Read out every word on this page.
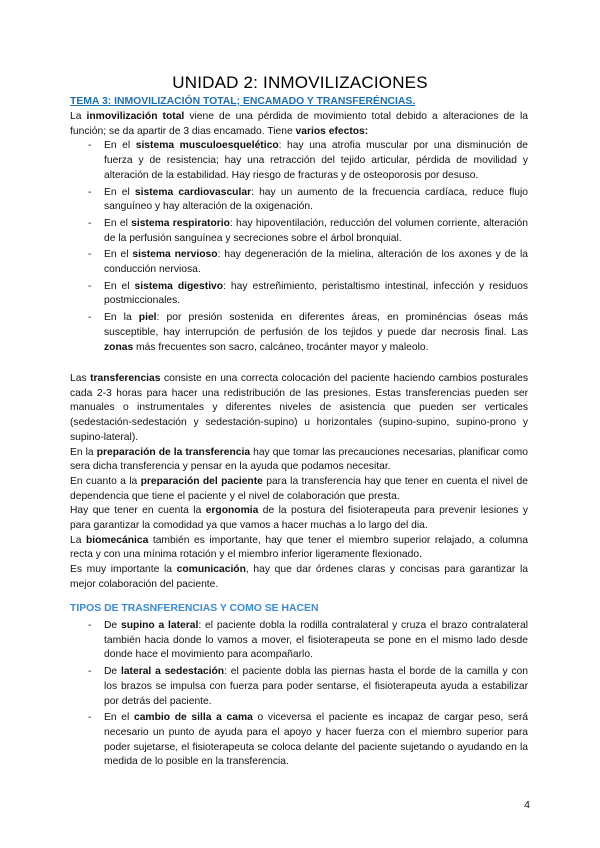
UNIDAD 2: INMOVILIZACIONES

TEMA 3: INMOVILIZACIÓN TOTAL; ENCAMADO Y TRANSFERÉNCIAS.

La inmovilización total viene de una pérdida de movimiento total debido a alteraciones de la función; se da apartir de 3 dias encamado. Tiene varios efectos:

- En el sistema musculoesquelético: hay una atrofia muscular por una disminución de fuerza y de resistencia; hay una retracción del tejido articular, pérdida de movilidad y alteración de la estabilidad. Hay riesgo de fracturas y de osteoporosis por desuso.
- En el sistema cardiovascular: hay un aumento de la frecuencia cardíaca, reduce flujo sanguíneo y hay alteración de la oxigenación.
- En el sistema respiratorio: hay hipoventilación, reducción del volumen corriente, alteración de la perfusión sanguínea y secreciones sobre el árbol bronquial.
- En el sistema nervioso: hay degeneración de la mielina, alteración de los axones y de la conducción nerviosa.
- En el sistema digestivo: hay estreñimiento, peristaltismo intestinal, infección y residuos postmiccionales.
- En la piel: por presión sostenida en diferentes áreas, en prominéncias óseas más susceptible, hay interrupción de perfusión de los tejidos y puede dar necrosis final. Las zonas más frecuentes son sacro, calcáneo, trocánter mayor y maleolo.

Las transferencias consiste en una correcta colocación del paciente haciendo cambios posturales cada 2-3 horas para hacer una redistribución de las presiones. Estas transferencias pueden ser manuales o instrumentales y diferentes niveles de asistencia que pueden ser verticales (sedestación-sedestación y sedestación-supino) u horizontales (supino-supino, supino-prono y supino-lateral).

En la preparación de la transferencia hay que tomar las precauciones necesarias, planificar como sera dicha transferencia y pensar en la ayuda que podamos necesitar.

En cuanto a la preparación del paciente para la transferencia hay que tener en cuenta el nivel de dependencia que tiene el paciente y el nivel de colaboración que presta.

Hay que tener en cuenta la ergonomia de la postura del fisioterapeuta para prevenir lesiones y para garantizar la comodidad ya que vamos a hacer muchas a lo largo del dia.

La biomecánica también es importante, hay que tener el miembro superior relajado, a columna recta y con una mínima rotación y el miembro inferior ligeramente flexionado.

Es muy importante la comunicación, hay que dar órdenes claras y concisas para garantizar la mejor colaboración del paciente.

TIPOS DE TRASNFERENCIAS Y COMO SE HACEN

- De supino a lateral: el paciente dobla la rodilla contralateral y cruza el brazo contralateral también hacia donde lo vamos a mover, el fisioterapeuta se pone en el mismo lado desde donde hace el movimiento para acompañarlo.
- De lateral a sedestación: el paciente dobla las piernas hasta el borde de la camilla y con los brazos se impulsa con fuerza para poder sentarse, el fisioterapeuta ayuda a estabilizar por detrás del paciente.
- En el cambio de silla a cama o viceversa el paciente es incapaz de cargar peso, será necesario un punto de ayuda para el apoyo y hacer fuerza con el miembro superior para poder sujetarse, el fisioterapeuta se coloca delante del paciente sujetando o ayudando en la medida de lo posible en la transferencia.
4
